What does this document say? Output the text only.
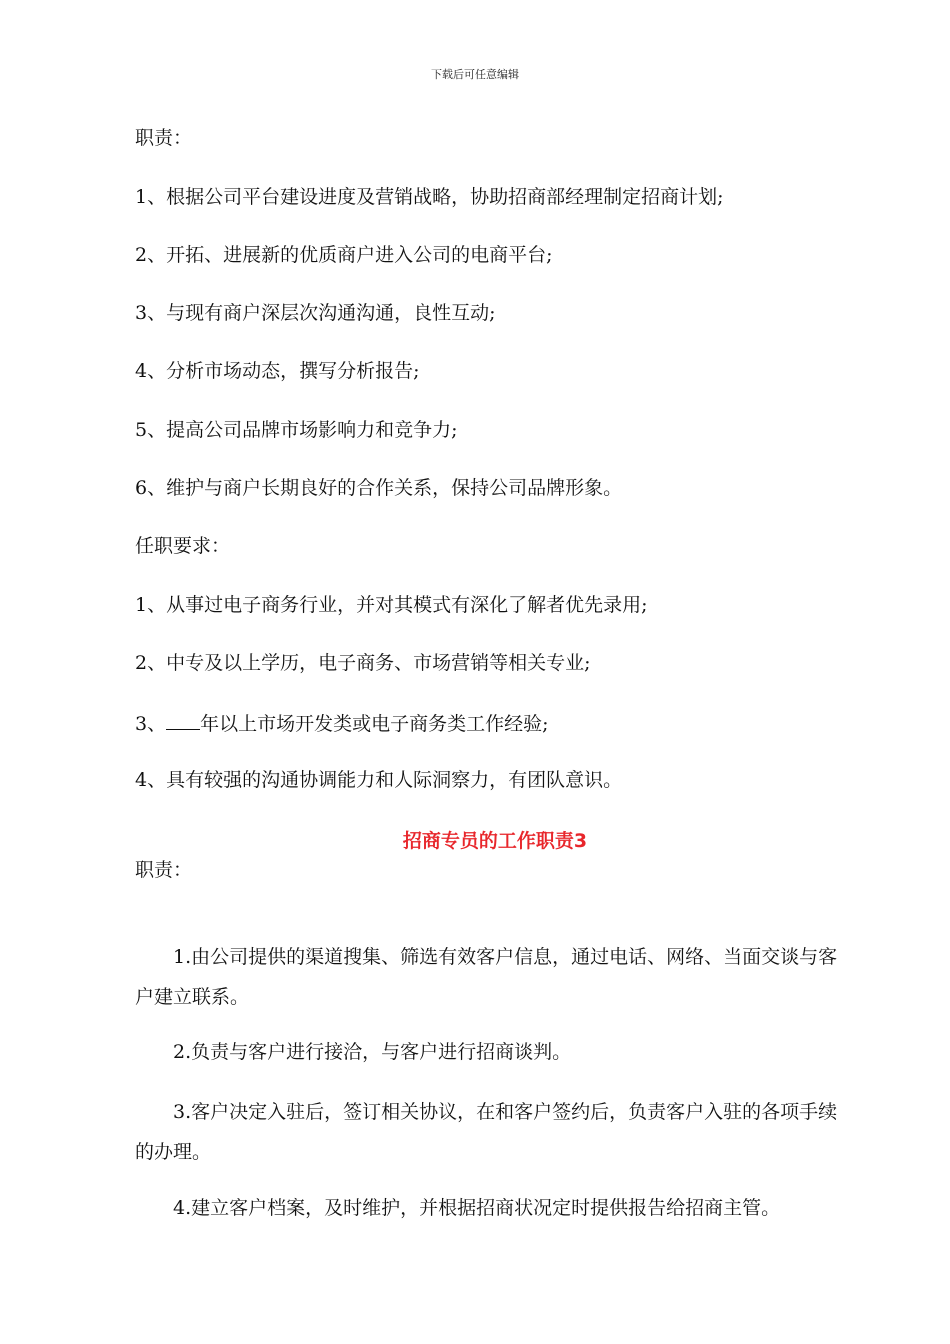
下载后可任意编辑
职责：
1、根据公司平台建设进度及营销战略，协助招商部经理制定招商计划;
2、开拓、进展新的优质商户进入公司的电商平台;
3、与现有商户深层次沟通沟通，良性互动;
4、分析市场动态，撰写分析报告;
5、提高公司品牌市场影响力和竞争力;
6、维护与商户长期良好的合作关系，保持公司品牌形象。
任职要求：
1、从事过电子商务行业，并对其模式有深化了解者优先录用;
2、中专及以上学历，电子商务、市场营销等相关专业;
3、 年以上市场开发类或电子商务类工作经验;
4、具有较强的沟通协调能力和人际洞察力，有团队意识。
招商专员的工作职责3
职责：
1.由公司提供的渠道搜集、筛选有效客户信息，通过电话、网络、当面交谈与客户建立联系。
2.负责与客户进行接洽，与客户进行招商谈判。
3.客户决定入驻后，签订相关协议，在和客户签约后，负责客户入驻的各项手续的办理。
4.建立客户档案，及时维护，并根据招商状况定时提供报告给招商主管。
